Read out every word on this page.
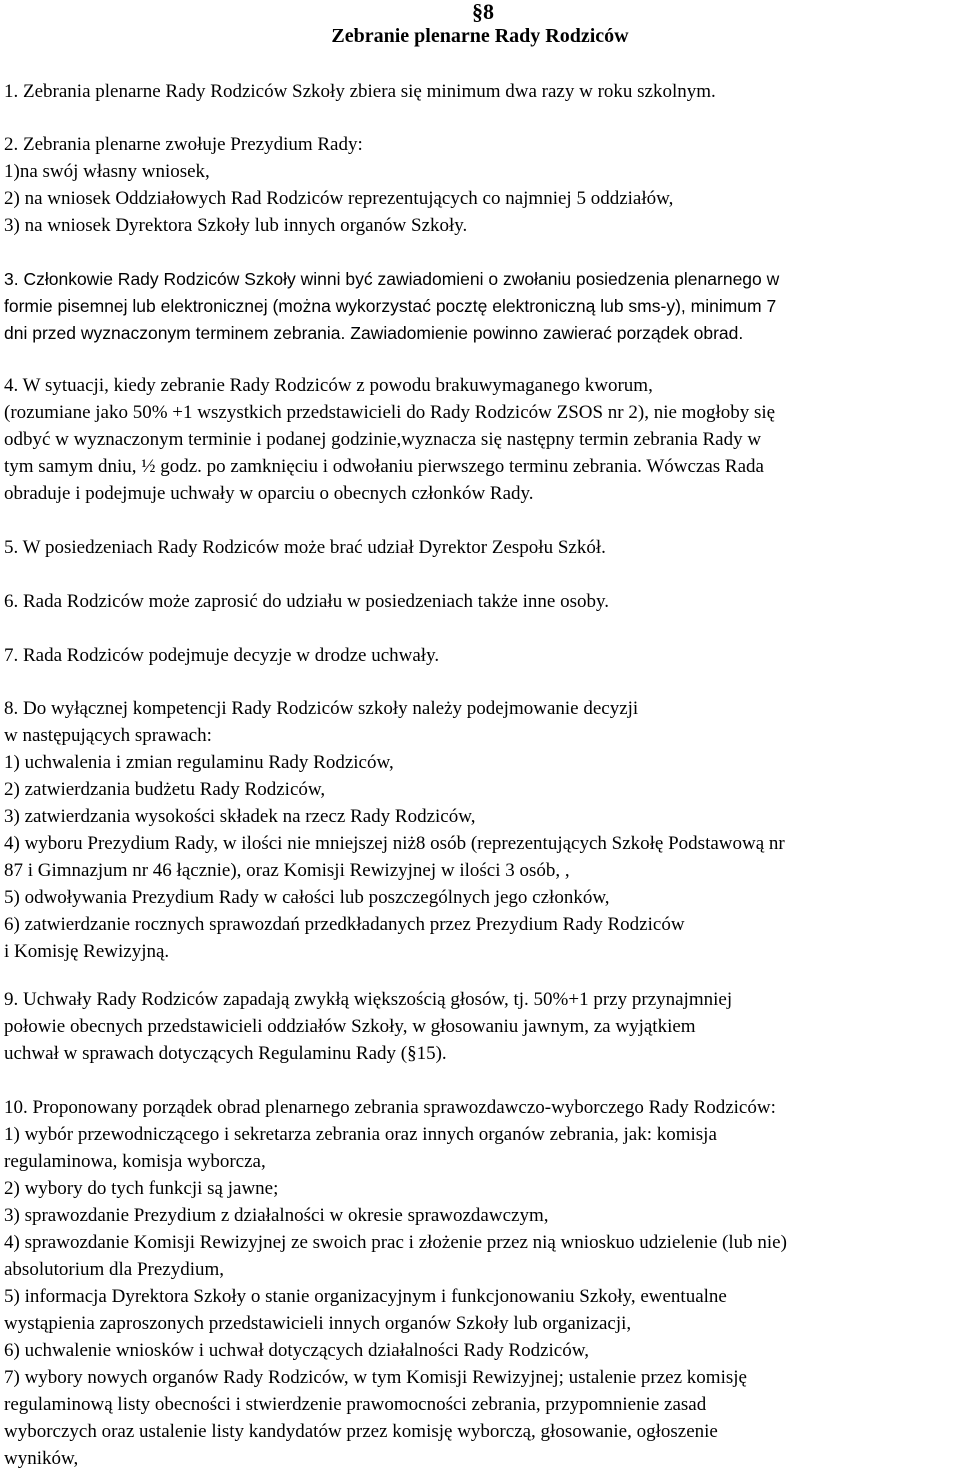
§8
Zebranie plenarne Rady Rodziców
1. Zebrania plenarne Rady Rodziców Szkoły zbiera się minimum dwa razy w roku szkolnym.
2. Zebrania plenarne zwołuje Prezydium Rady:
1)na swój własny wniosek,
2) na wniosek Oddziałowych Rad Rodziców reprezentujących co najmniej 5 oddziałów,
3) na wniosek Dyrektora Szkoły lub innych organów Szkoły.
3. Członkowie Rady Rodziców Szkoły winni być zawiadomieni o zwołaniu posiedzenia plenarnego w
formie pisemnej lub elektronicznej (można wykorzystać pocztę elektroniczną lub sms-y), minimum 7
dni przed wyznaczonym terminem zebrania. Zawiadomienie powinno zawierać porządek obrad.
4. W sytuacji, kiedy zebranie Rady Rodziców z powodu brakuwymaganego kworum,
(rozumiane jako 50% +1 wszystkich przedstawicieli do Rady Rodziców ZSOS nr 2), nie mogłoby się
odbyć w wyznaczonym terminie i podanej godzinie,wyznacza się następny termin zebrania Rady w
tym samym dniu, ½ godz. po zamknięciu i odwołaniu pierwszego terminu zebrania. Wówczas Rada
obraduje i podejmuje uchwały w oparciu o obecnych członków Rady.
5. W posiedzeniach Rady Rodziców może brać udział Dyrektor Zespołu Szkół.
6. Rada Rodziców może zaprosić do udziału w posiedzeniach także inne osoby.
7. Rada Rodziców podejmuje decyzje w drodze uchwały.
8. Do wyłącznej kompetencji Rady Rodziców szkoły należy podejmowanie decyzji
w następujących sprawach:
1) uchwalenia i zmian regulaminu Rady Rodziców,
2) zatwierdzania budżetu Rady Rodziców,
3) zatwierdzania wysokości składek na rzecz Rady Rodziców,
4) wyboru Prezydium Rady, w ilości nie mniejszej niż8 osób (reprezentujących Szkołę Podstawową nr
87 i Gimnazjum nr 46 łącznie), oraz Komisji Rewizyjnej w ilości 3 osób, ,
5) odwoływania Prezydium Rady w całości lub poszczególnych jego członków,
6) zatwierdzanie rocznych sprawozdań przedkładanych przez Prezydium Rady Rodziców
i Komisję Rewizyjną.
9. Uchwały Rady Rodziców zapadają zwykłą większością głosów, tj. 50%+1 przy przynajmniej
połowie obecnych przedstawicieli oddziałów Szkoły, w głosowaniu jawnym, za wyjątkiem
uchwał w sprawach dotyczących Regulaminu Rady (§15).
10. Proponowany porządek obrad plenarnego zebrania sprawozdawczo-wyborczego Rady Rodziców:
1) wybór przewodniczącego i sekretarza zebrania oraz innych organów zebrania, jak: komisja
regulaminowa, komisja wyborcza,
2) wybory do tych funkcji są jawne;
3) sprawozdanie Prezydium z działalności w okresie sprawozdawczym,
4) sprawozdanie Komisji Rewizyjnej ze swoich prac i złożenie przez nią wnioskuo udzielenie (lub nie)
absolutorium dla Prezydium,
5) informacja Dyrektora Szkoły o stanie organizacyjnym i funkcjonowaniu Szkoły, ewentualne
wystąpienia zaproszonych przedstawicieli innych organów Szkoły lub organizacji,
6) uchwalenie wniosków i uchwał dotyczących działalności Rady Rodziców,
7) wybory nowych organów Rady Rodziców, w tym Komisji Rewizyjnej; ustalenie przez komisję
regulaminową listy obecności i stwierdzenie prawomocności zebrania, przypomnienie zasad
wyborczych oraz ustalenie listy kandydatów przez komisję wyborczą, głosowanie, ogłoszenie
wyników,
